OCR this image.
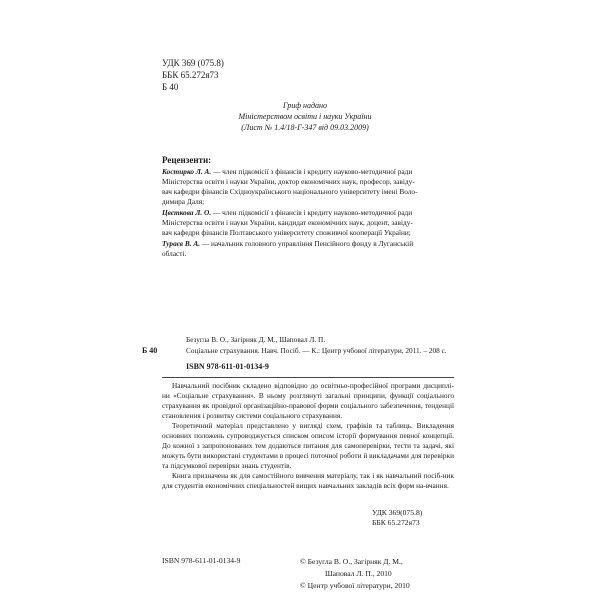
УДК 369 (075.8)
ББК 65.272я73
Б 40
Гриф надано
Міністерством освіти і науки України
(Лист № 1.4/18-Г-347 від 09.03.2009)
Рецензенти:
Костирко Л. А. — член підкомісії з фінансів і кредиту науково-методичної ради
Міністерства освіти і науки України, доктор економічних наук, професор, завіду-
вач кафедри фінансів Східноукраїнського національного університету імені Воло-
димира Даля;
Цвєткова Л. О. — член підкомісії з фінансів і кредиту науково-методичної ради
Міністерства освіти і науки України, кандидат економічних наук, доцент, завіду-
вач кафедри фінансів Полтавського університету споживчої кооперації України;
Тураєв В. А. — начальник головного управління Пенсійного фонду в Луганській
області.
Безугла В. О., Загірняк Д. М., Шаповал Л. П.
Б 40	Соціальне страхування. Навч. Посіб. — К.: Центр учбової літератури, 2011. – 208 с.
ISBN 978-611-01-0134-9

Навчальний посібник складено відповідно до освітньо-професійної програми дисциплі-ни «Соціальне страхування». В ньому розглянуті загальні принципи, функції соціального страхування як провідної організаційно-правової форми соціального забезпечення, тенденції становлення і розвитку системи соціального страхування.

Теоретичний матеріал представлено у вигляді схем, графіків та таблиць. Викладення основних положень супроводжується списком описом історії формування певної концепції. До кожної з запропонованих тем додаються питання для самоперевірки, тести та задачі, які можуть бути використані студентами в процесі поточної роботи й викладачами для перевірки та підсумкової перевірки знань студентів.

Книга призначена як для самостійного вивчення матеріалу, так і як навчальний посіб-ник для студентів економічних спеціальностей вищих навчальних закладів всіх форм на-вчання.

УДК 369(075.8)
ББК 65.272я73
ISBN 978-611-01-0134-9	© Безугла В. О., Загірняк Д. М.,
Шаповал Л. П., 2010
© Центр учбової літератури, 2010
